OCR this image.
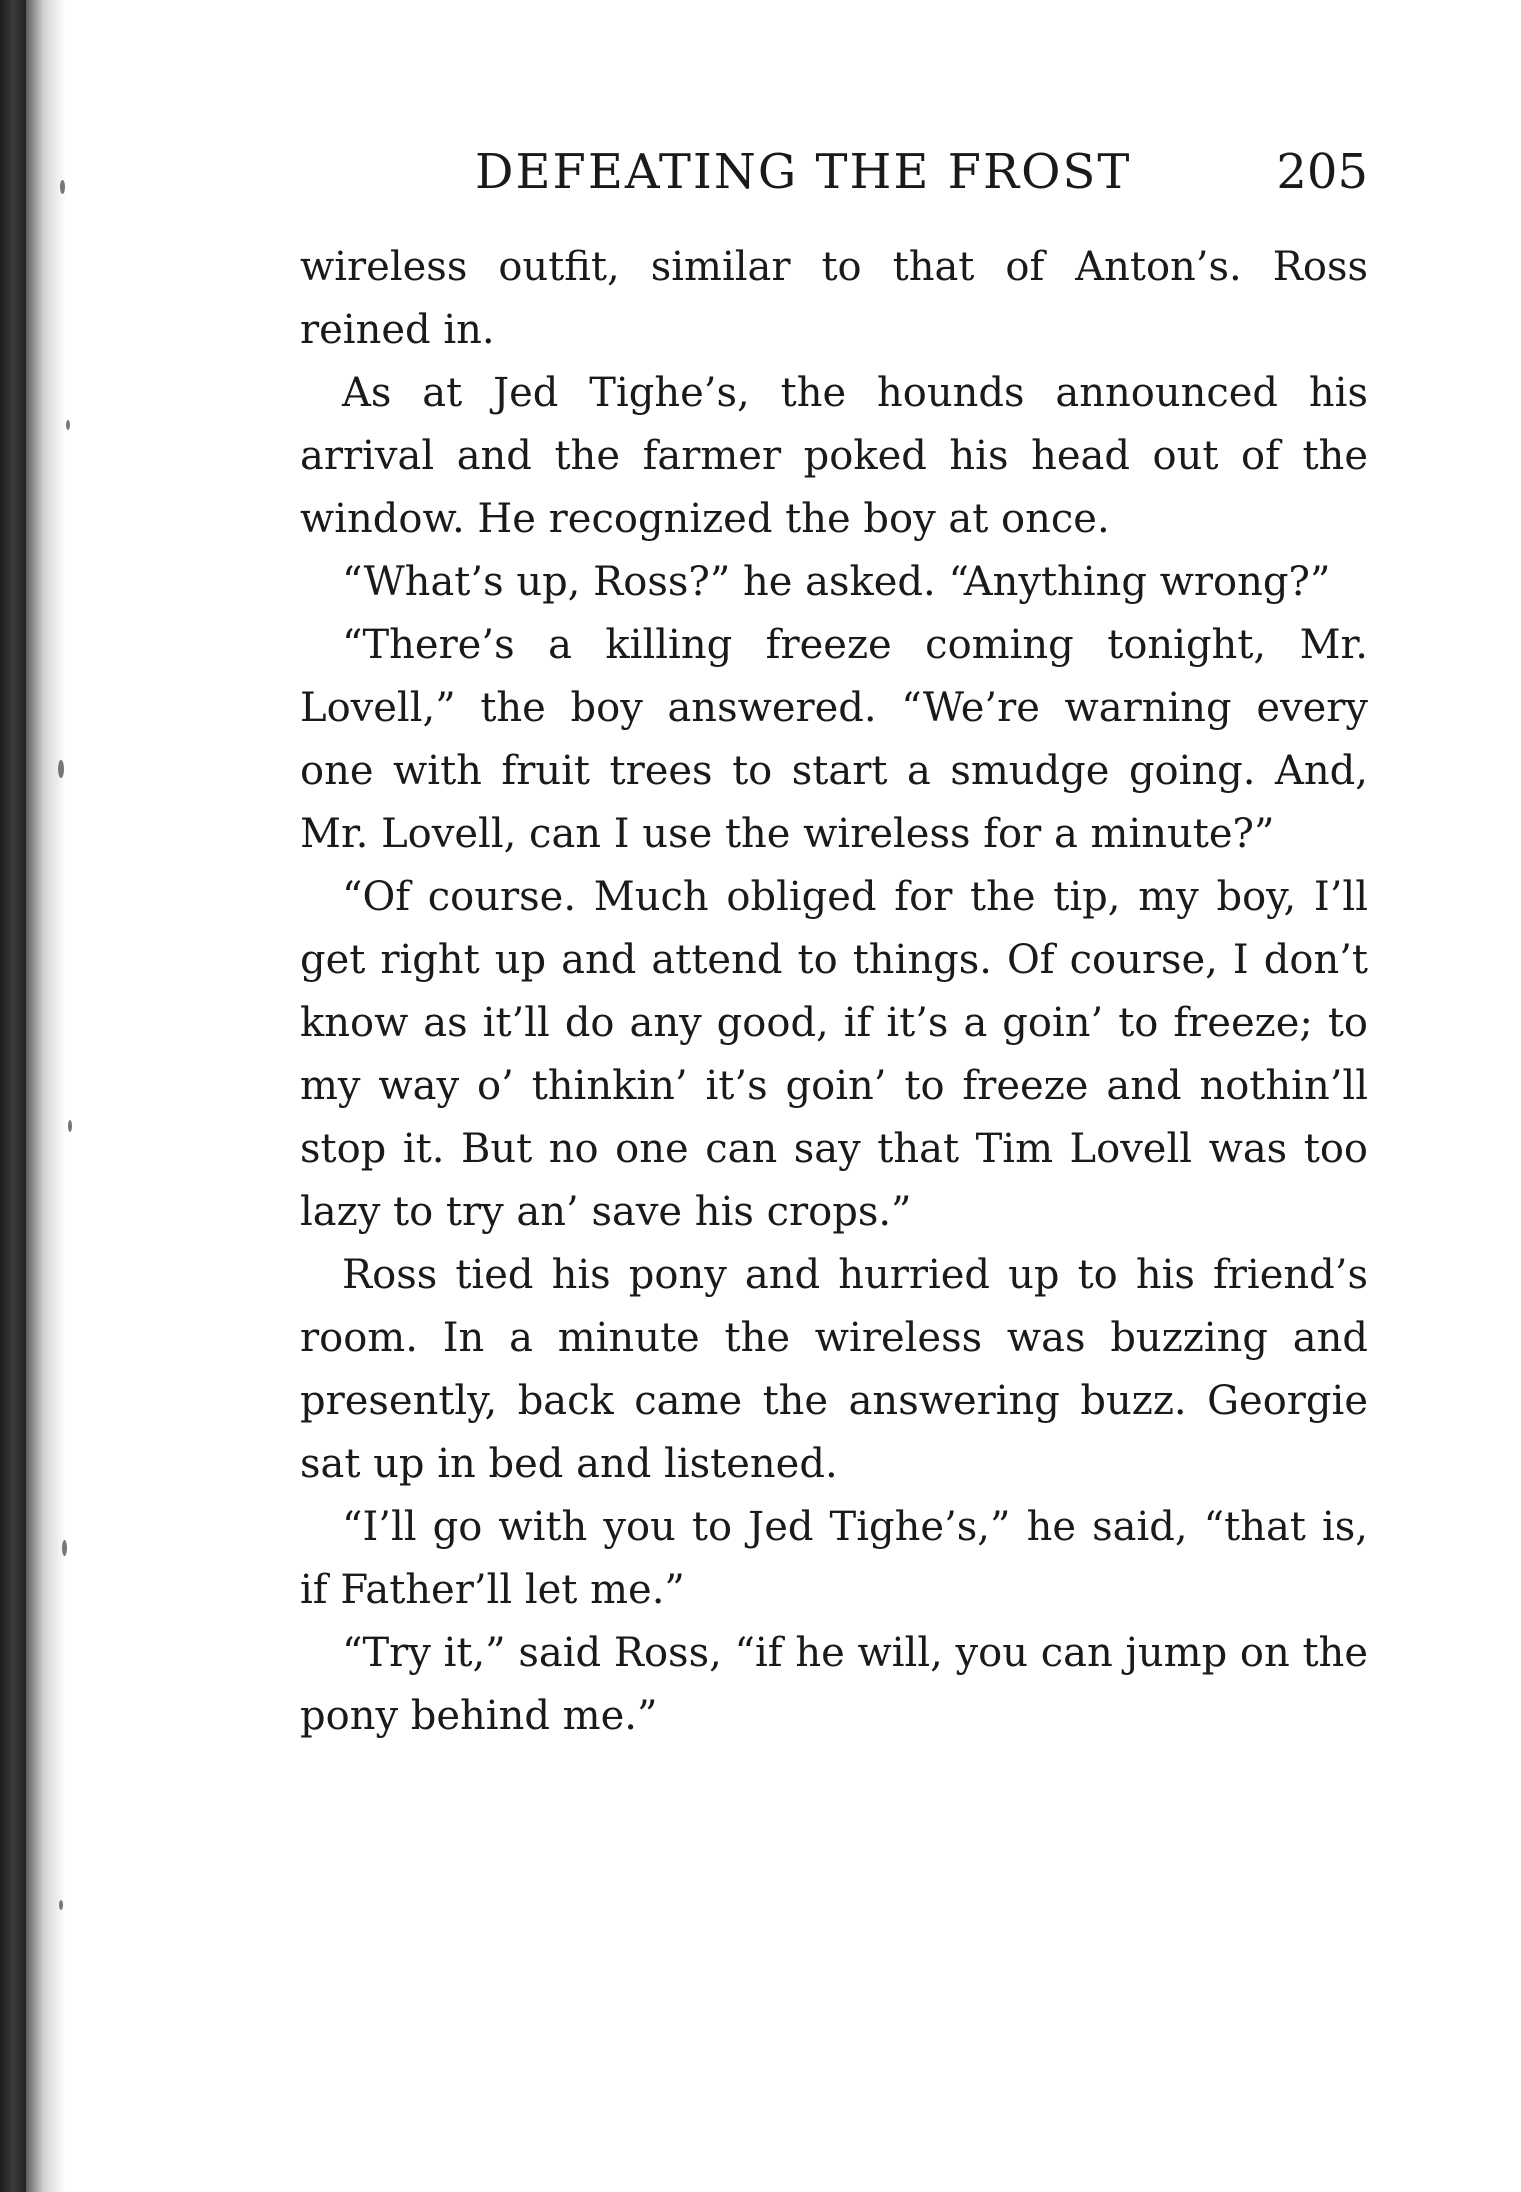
DEFEATING THE FROST	205

wireless outfit, similar to that of Anton’s. Ross reined in.

As at Jed Tighe’s, the hounds announced his arrival and the farmer poked his head out of the window. He recognized the boy at once.

“What’s up, Ross?” he asked. “Anything wrong?”

“There’s a killing freeze coming tonight, Mr. Lovell,” the boy answered. “We’re warning every one with fruit trees to start a smudge going. And, Mr. Lovell, can I use the wireless for a minute?”

“Of course. Much obliged for the tip, my boy, I’ll get right up and attend to things. Of course, I don’t know as it’ll do any good, if it’s a goin’ to freeze; to my way o’ thinkin’ it’s goin’ to freeze and nothin’ll stop it. But no one can say that Tim Lovell was too lazy to try an’ save his crops.”

Ross tied his pony and hurried up to his friend’s room. In a minute the wireless was buzzing and presently, back came the answering buzz. Georgie sat up in bed and listened.

“I’ll go with you to Jed Tighe’s,” he said, “that is, if Father’ll let me.”

“Try it,” said Ross, “if he will, you can jump on the pony behind me.”
